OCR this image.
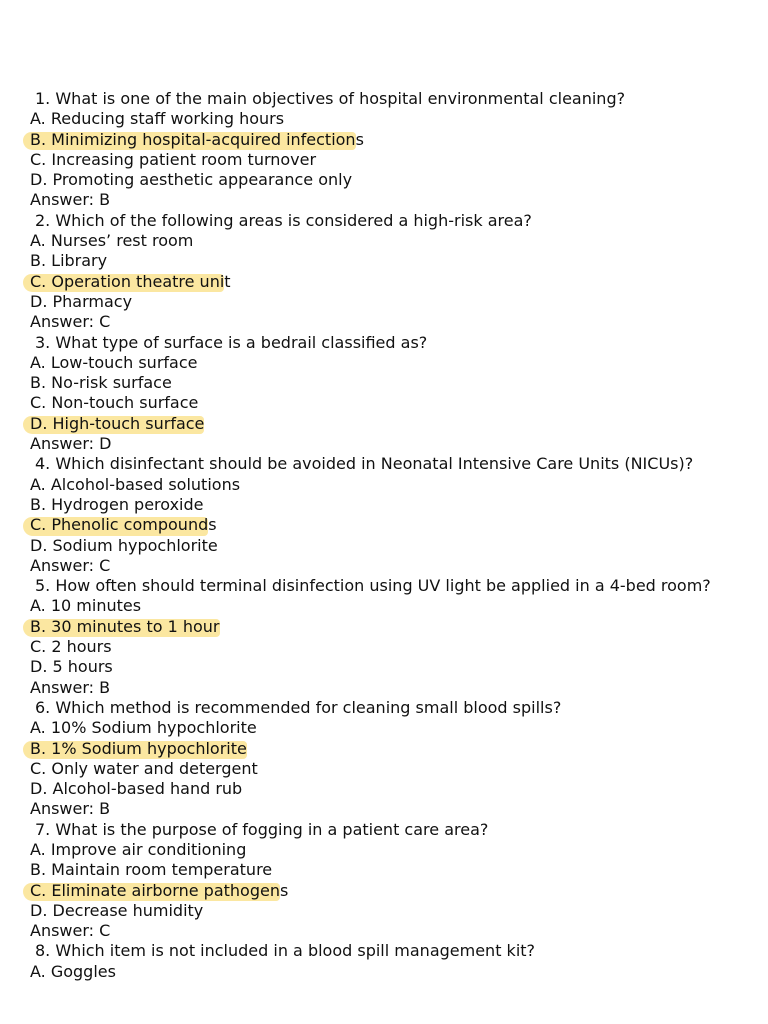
1. What is one of the main objectives of hospital environmental cleaning?
A. Reducing staff working hours
B. Minimizing hospital-acquired infections
C. Increasing patient room turnover
D. Promoting aesthetic appearance only
Answer: B
2. Which of the following areas is considered a high-risk area?
A. Nurses’ rest room
B. Library
C. Operation theatre unit
D. Pharmacy
Answer: C
3. What type of surface is a bedrail classified as?
A. Low-touch surface
B. No-risk surface
C. Non-touch surface
D. High-touch surface
Answer: D
4. Which disinfectant should be avoided in Neonatal Intensive Care Units (NICUs)?
A. Alcohol-based solutions
B. Hydrogen peroxide
C. Phenolic compounds
D. Sodium hypochlorite
Answer: C
5. How often should terminal disinfection using UV light be applied in a 4-bed room?
A. 10 minutes
B. 30 minutes to 1 hour
C. 2 hours
D. 5 hours
Answer: B
6. Which method is recommended for cleaning small blood spills?
A. 10% Sodium hypochlorite
B. 1% Sodium hypochlorite
C. Only water and detergent
D. Alcohol-based hand rub
Answer: B
7. What is the purpose of fogging in a patient care area?
A. Improve air conditioning
B. Maintain room temperature
C. Eliminate airborne pathogens
D. Decrease humidity
Answer: C
8. Which item is not included in a blood spill management kit?
A. Goggles
